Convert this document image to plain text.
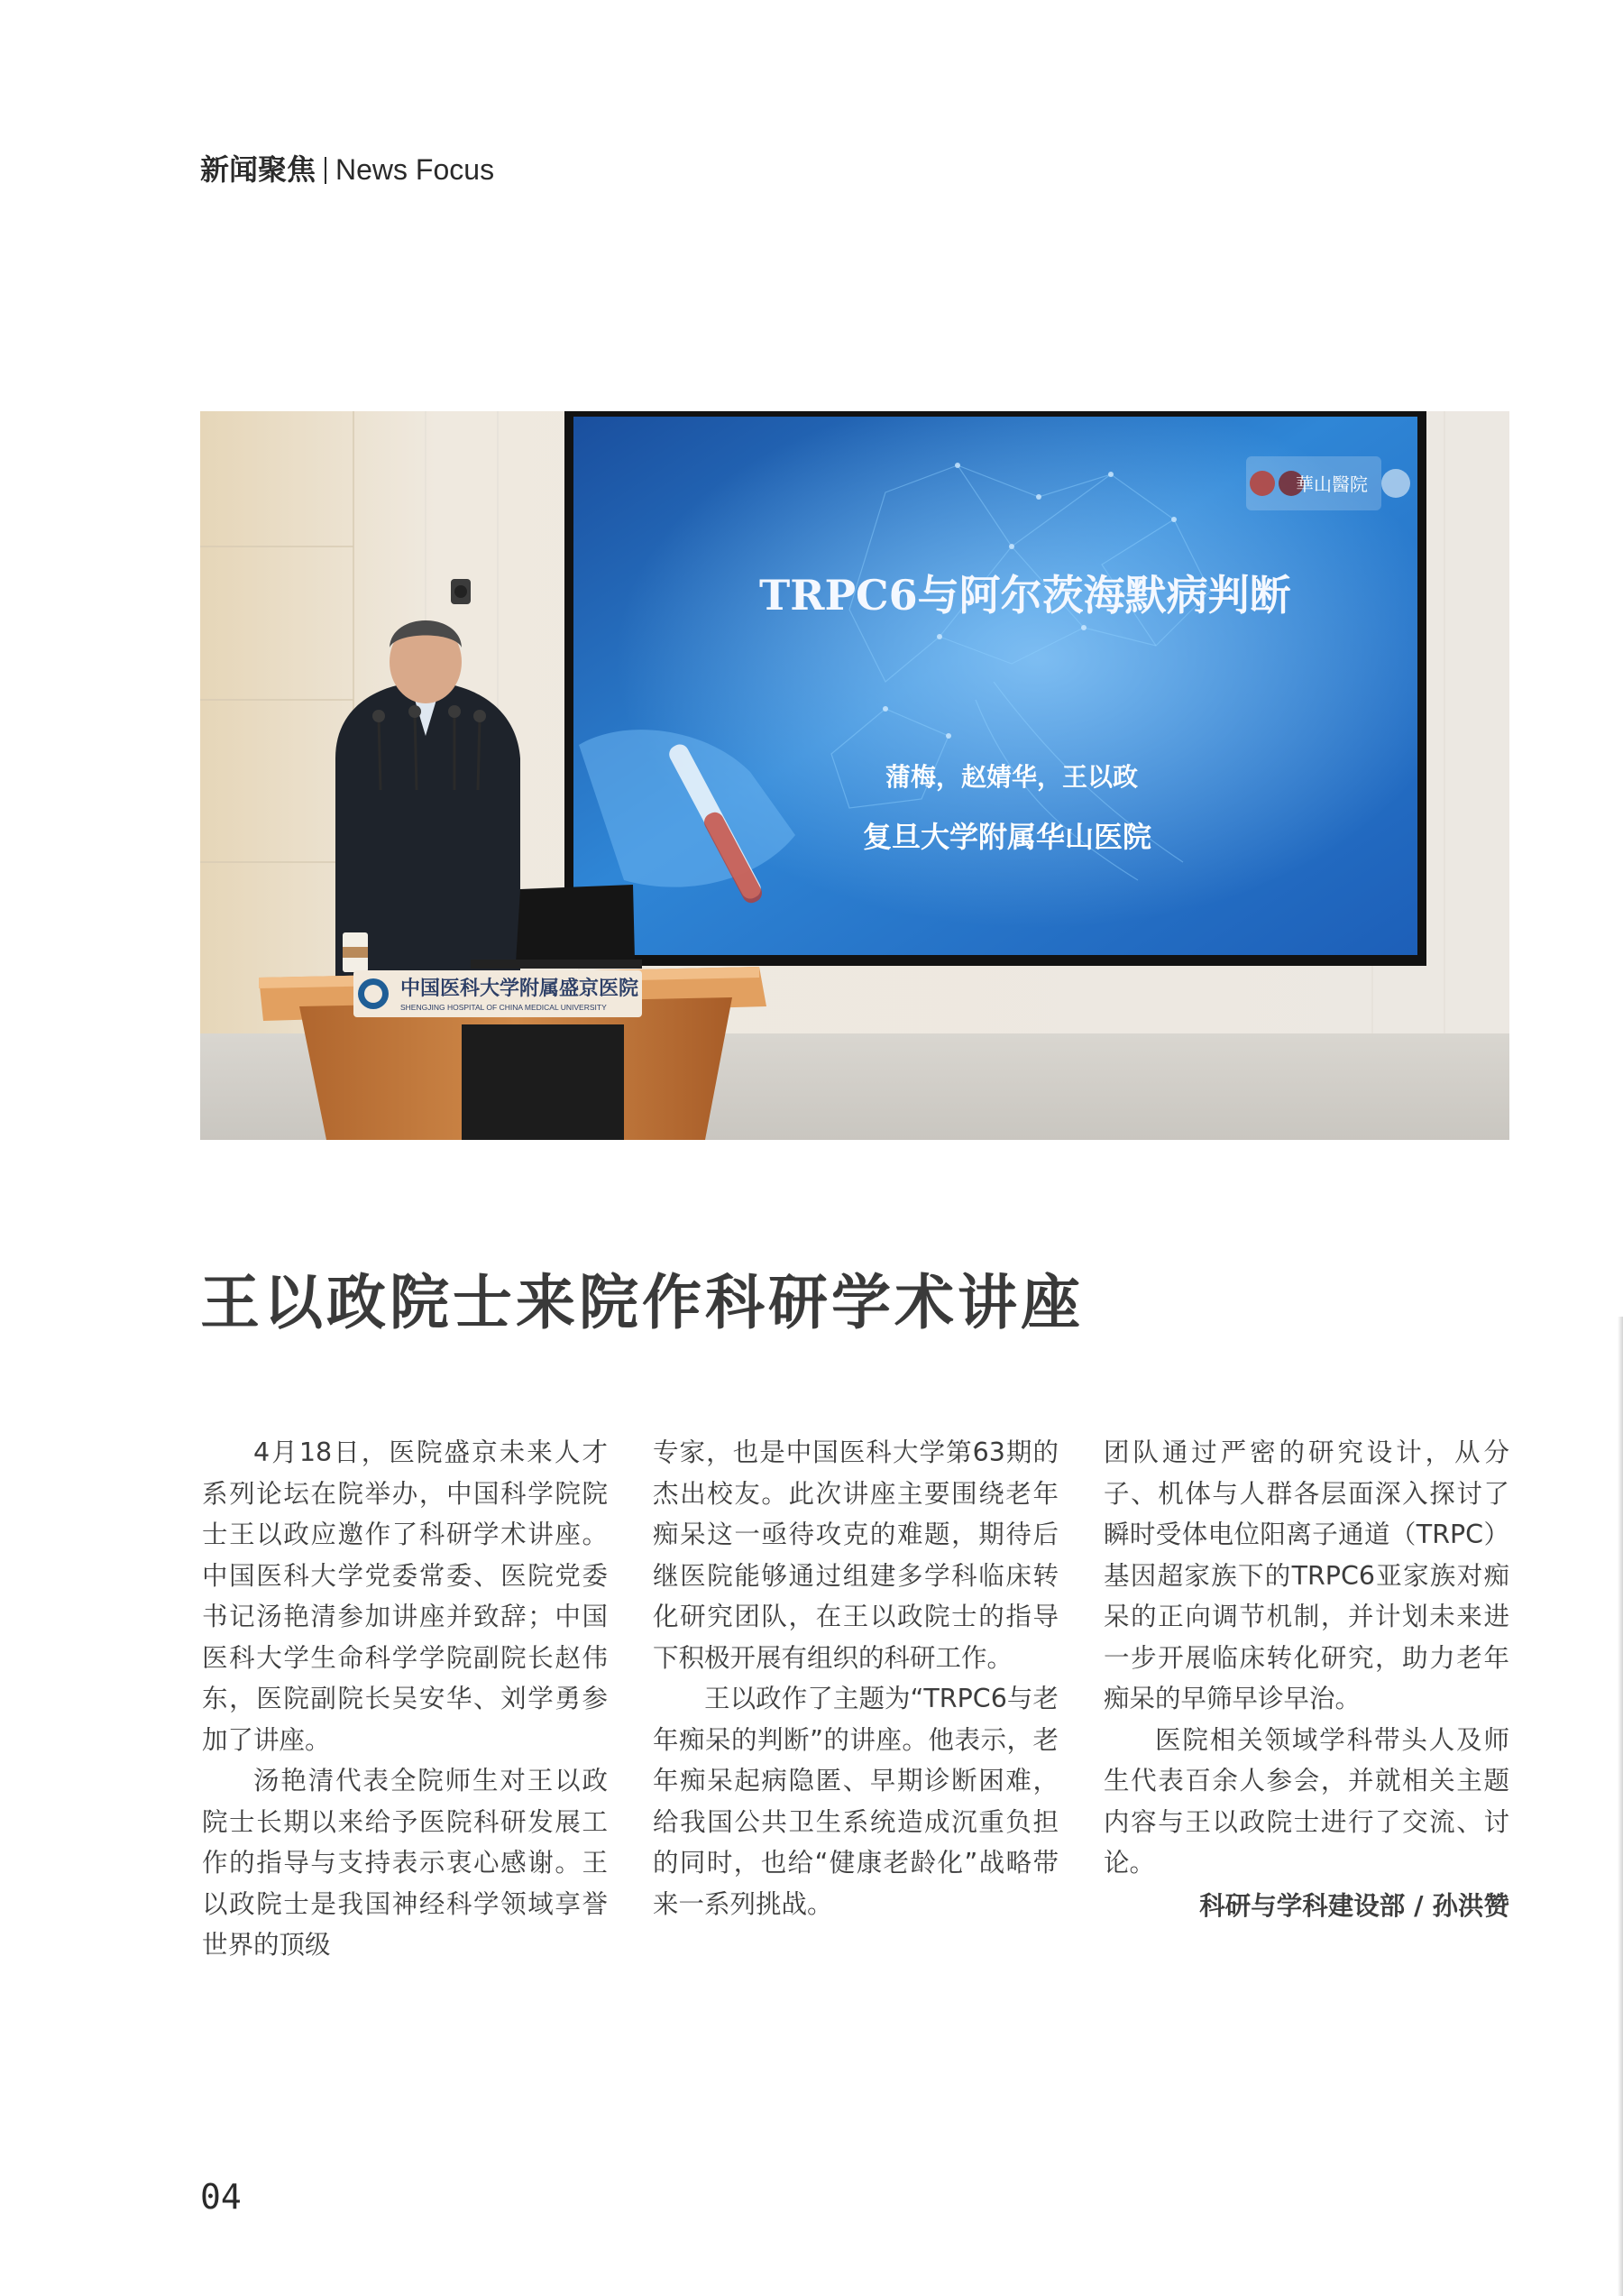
新闻聚焦 News Focus
華山醫院
TRPC6与阿尔茨海默病判断
蒲梅，赵婧华，王以政
复旦大学附属华山医院
中国医科大学附属盛京医院
SHENGJING HOSPITAL OF CHINA MEDICAL UNIVERSITY
王以政院士来院作科研学术讲座

4月18日，医院盛京未来人才系列论坛在院举办，中国科学院院士王以政应邀作了科研学术讲座。中国医科大学党委常委、医院党委书记汤艳清参加讲座并致辞；中国医科大学生命科学学院副院长赵伟东，医院副院长吴安华、刘学勇参加了讲座。

汤艳清代表全院师生对王以政院士长期以来给予医院科研发展工作的指导与支持表示衷心感谢。王以政院士是我国神经科学领域享誉世界的顶级

专家，也是中国医科大学第63期的杰出校友。此次讲座主要围绕老年痴呆这一亟待攻克的难题，期待后继医院能够通过组建多学科临床转化研究团队，在王以政院士的指导下积极开展有组织的科研工作。

王以政作了主题为“TRPC6与老年痴呆的判断”的讲座。他表示，老年痴呆起病隐匿、早期诊断困难，给我国公共卫生系统造成沉重负担的同时，也给“健康老龄化”战略带来一系列挑战。

团队通过严密的研究设计，从分子、机体与人群各层面深入探讨了瞬时受体电位阳离子通道（TRPC）基因超家族下的TRPC6亚家族对痴呆的正向调节机制，并计划未来进一步开展临床转化研究，助力老年痴呆的早筛早诊早治。

医院相关领域学科带头人及师生代表百余人参会，并就相关主题内容与王以政院士进行了交流、讨论。

科研与学科建设部 / 孙洪赞

04
